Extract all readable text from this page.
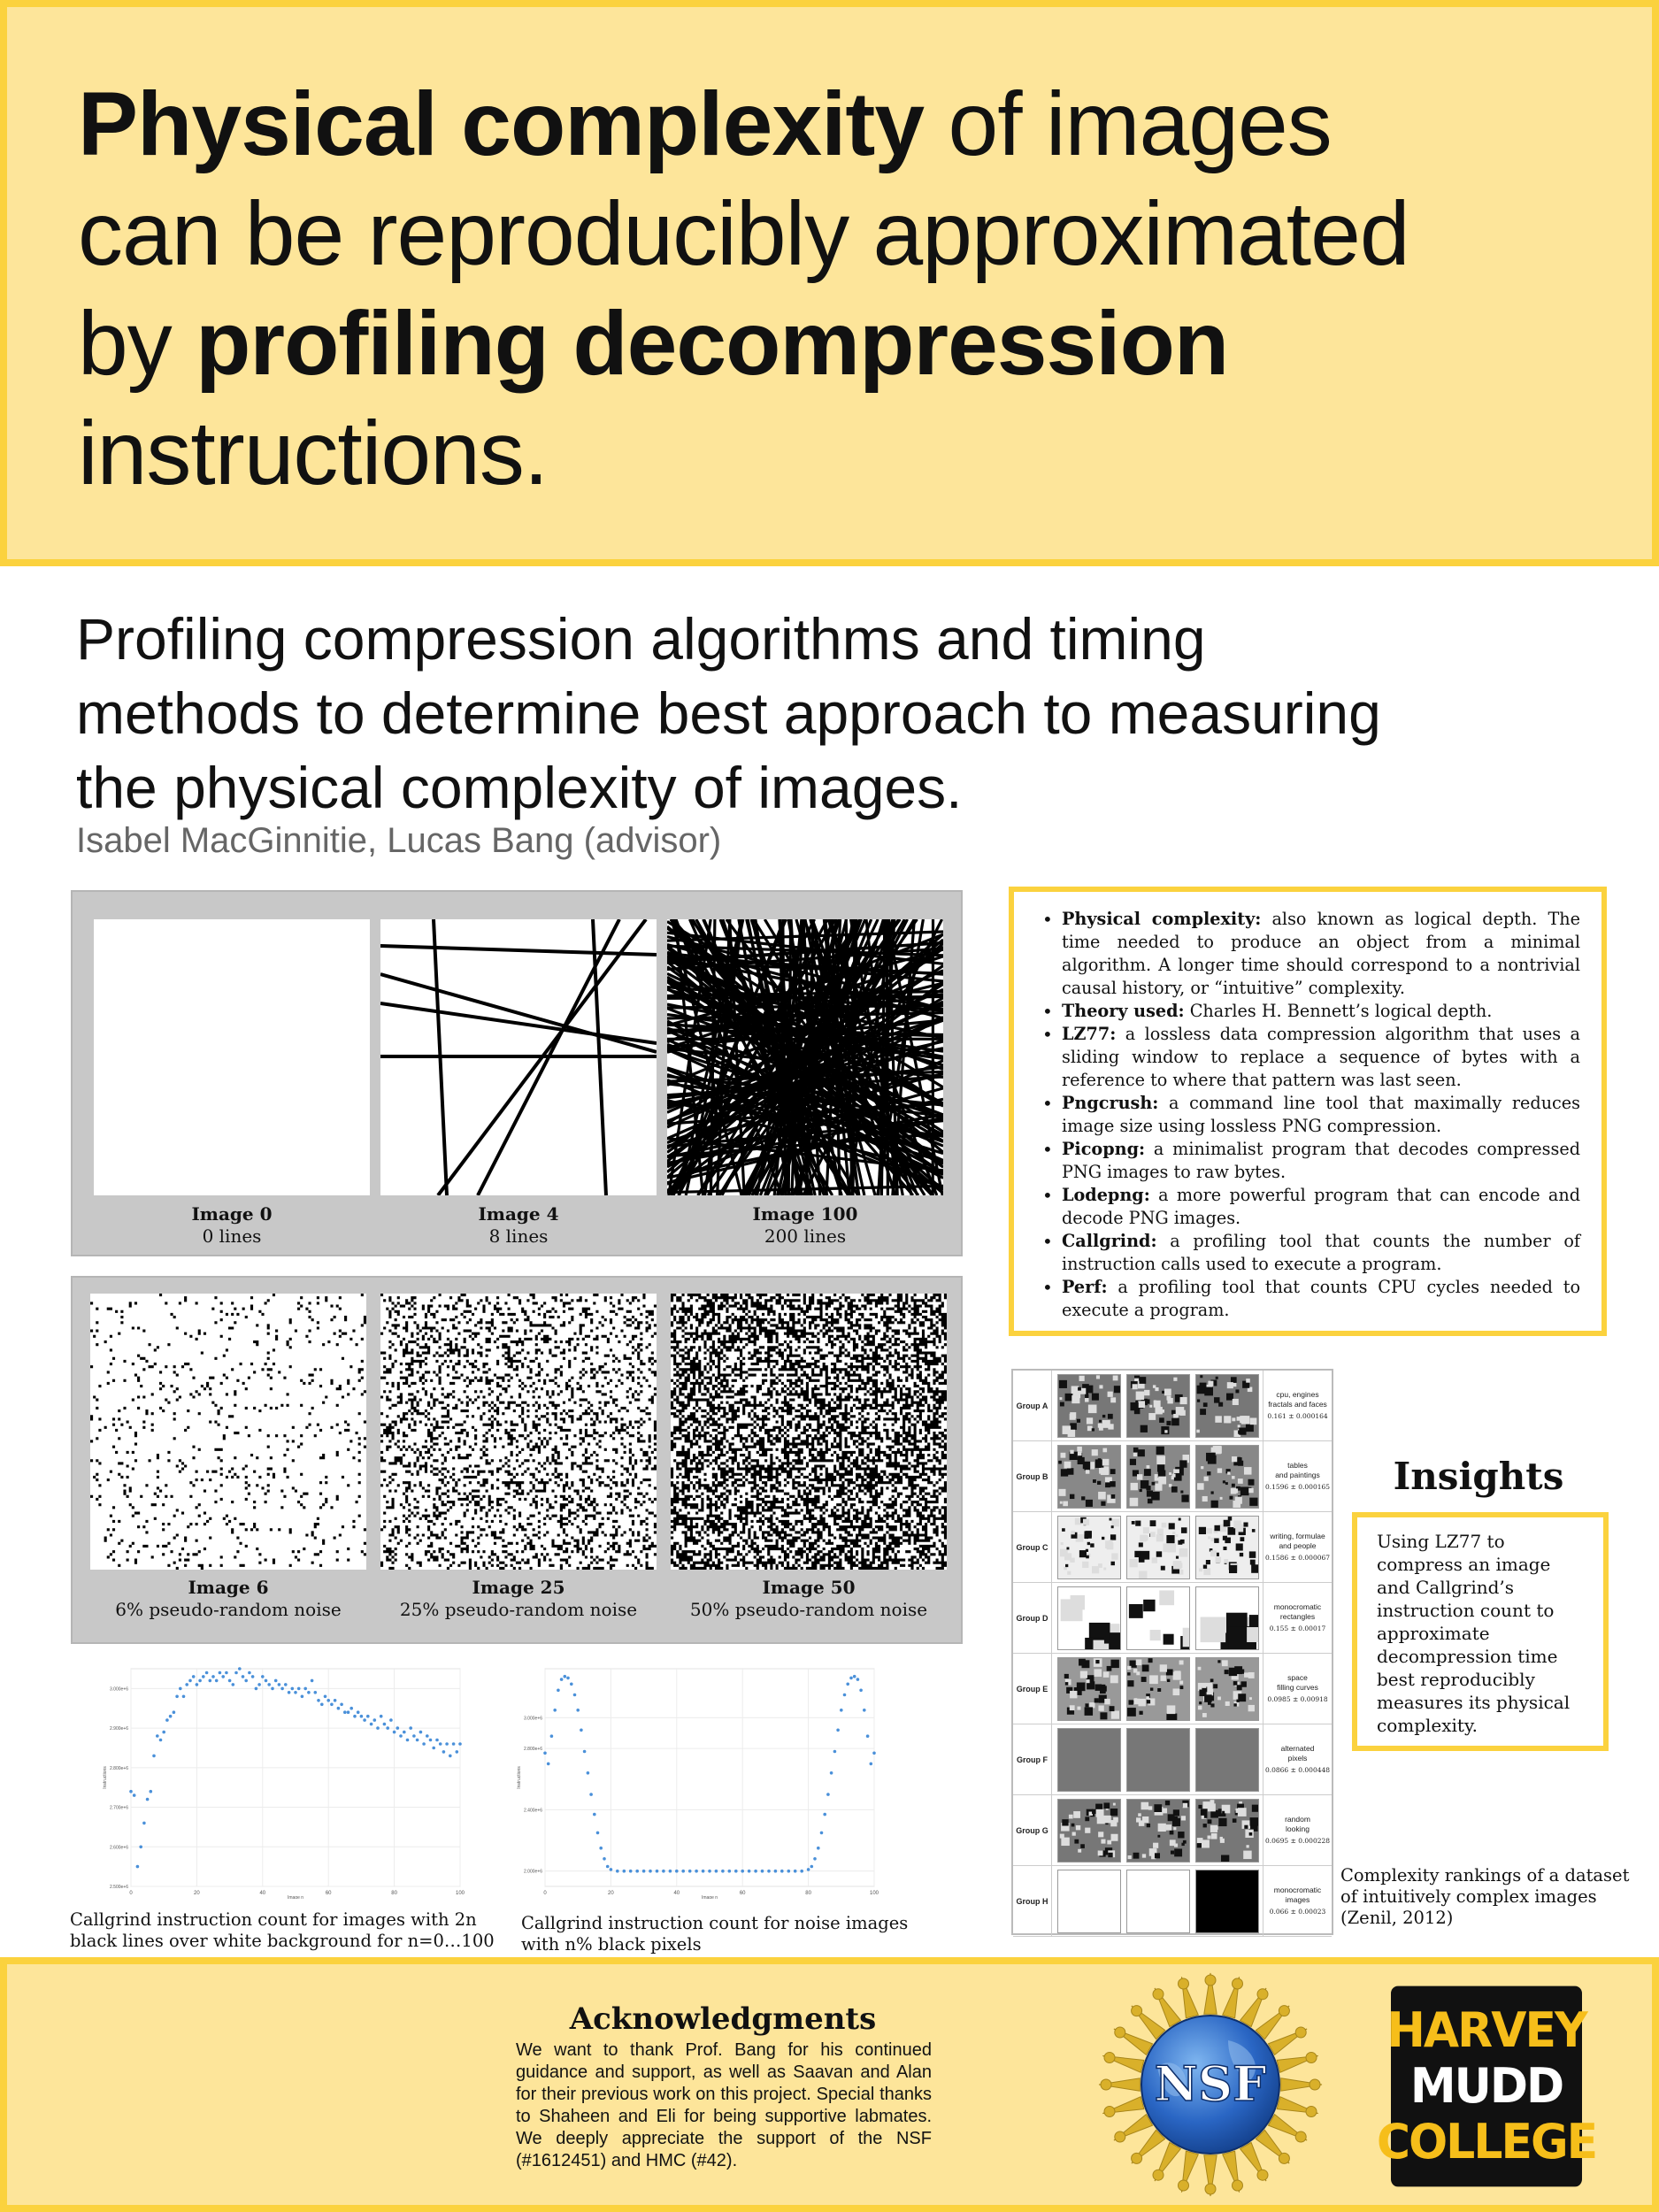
Physical complexity of images
can be reproducibly approximated
by profiling decompression
instructions.
Profiling compression algorithms and timing
methods to determine best approach to measuring
the physical complexity of images.
Isabel MacGinnitie, Lucas Bang (advisor)
Image 0
0 lines
Image 4
8 lines
Image 100
200 lines
Image 6
6% pseudo-random noise
Image 25
25% pseudo-random noise
Image 50
50% pseudo-random noise
• Physical complexity: also known as logical depth. The time needed to produce an object from a minimal algorithm. A longer time should correspond to a nontrivial causal history, or “intuitive” complexity.
• Theory used: Charles H. Bennett’s logical depth.
• LZ77: a lossless data compression algorithm that uses a sliding window to replace a sequence of bytes with a reference to where that pattern was last seen.
• Pngcrush: a command line tool that maximally reduces image size using lossless PNG compression.
• Picopng: a minimalist program that decodes compressed PNG images to raw bytes.
• Lodepng: a more powerful program that can encode and decode PNG images.
• Callgrind: a profiling tool that counts the number of instruction calls used to execute a program.
• Perf: a profiling tool that counts CPU cycles needed to execute a program.
Group A
cpu, engines
fractals and faces
0.161 ± 0.000164
Group B
tables
and paintings
0.1596 ± 0.000165
Group C
writing, formulae
and people
0.1586 ± 0.000067
Group D
monocromatic
rectangles
0.155 ± 0.00017
Group E
space
filling curves
0.0985 ± 0.00918
Group F
alternated
pixels
0.0866 ± 0.000448
Group G
random
looking
0.0695 ± 0.000228
Group H
monocromatic
images
0.066 ± 0.00023
Insights
Using LZ77 to compress an image and Callgrind’s instruction count to approximate decompression time best reproducibly measures its physical complexity.
Complexity rankings of a dataset of intuitively complex images (Zenil, 2012)
0	20	40	60	80	100
2.500e+6
2.600e+6
2.700e+6
2.800e+6
2.900e+6
3.000e+6
Image n
Instructions
0	20	40	60	80	100
2.000e+6
2.400e+6
2.800e+6
3.000e+6
Image n
Instructions
Callgrind instruction count for images with 2n black lines over white background for n=0…100
Callgrind instruction count for noise images with n% black pixels
Acknowledgments
We want to thank Prof. Bang for his continued guidance and support, as well as Saavan and Alan for their previous work on this project. Special thanks to Shaheen and Eli for being supportive labmates. We deeply appreciate the support of the NSF (#1612451) and HMC (#42).
NSF
HARVEY
MUDD
COLLEGE
